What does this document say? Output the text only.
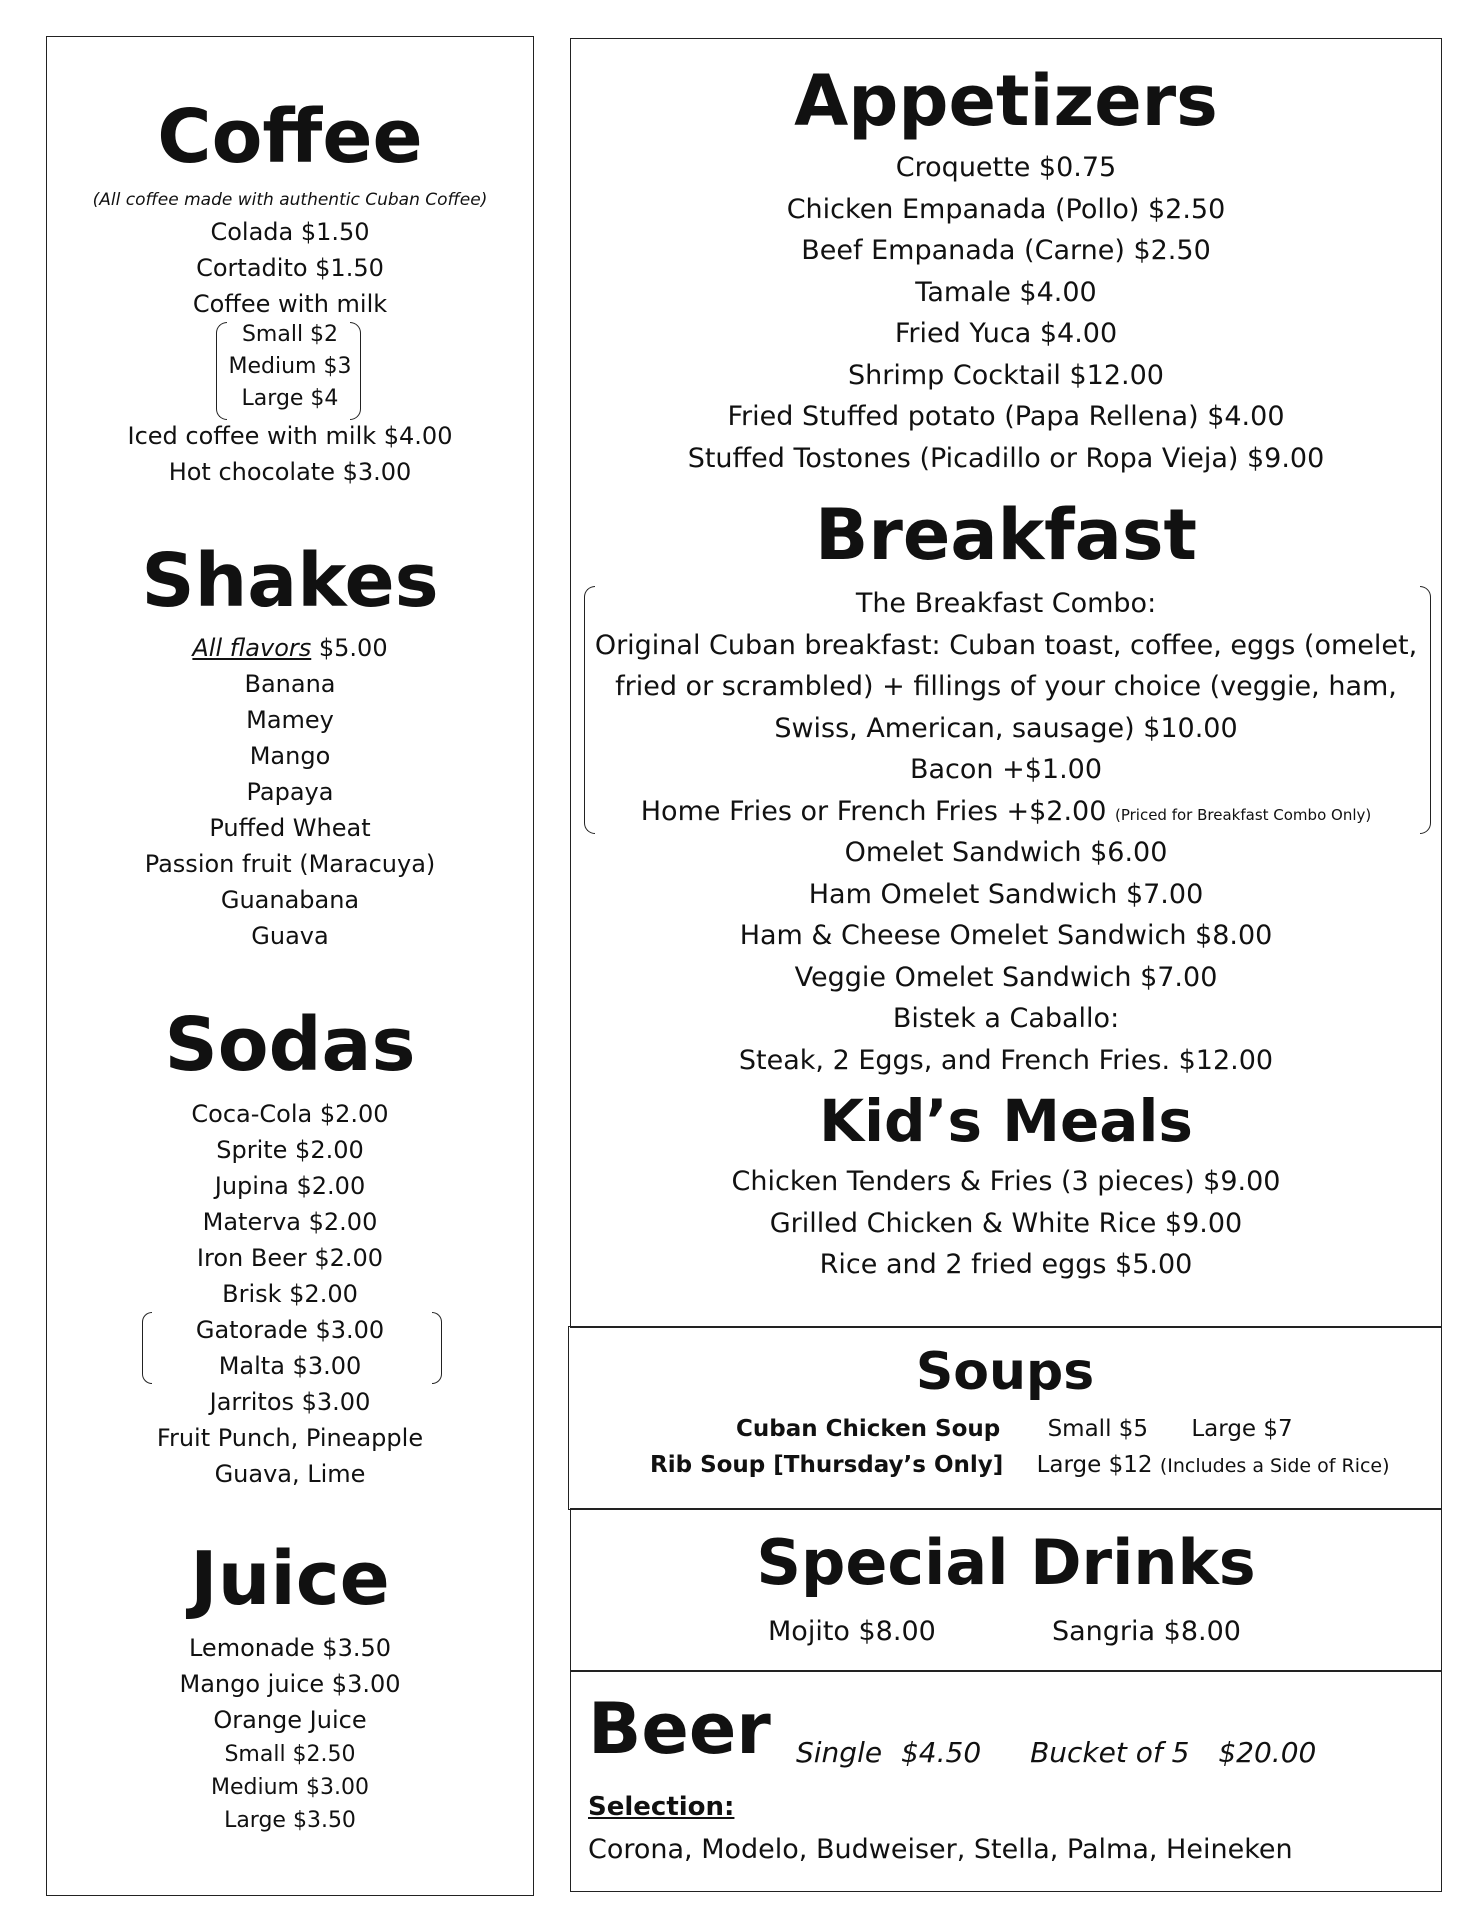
Coffee
(All coffee made with authentic Cuban Coffee)
Colada $1.50
Cortadito $1.50
Coffee with milk
Small $2
Medium $3
Large $4
Iced coffee with milk $4.00
Hot chocolate $3.00
Shakes
All flavors $5.00
Banana
Mamey
Mango
Papaya
Puffed Wheat
Passion fruit (Maracuya)
Guanabana
Guava
Sodas
Coca-Cola $2.00
Sprite $2.00
Jupina $2.00
Materva $2.00
Iron Beer $2.00
Brisk $2.00
Gatorade $3.00
Malta $3.00
Jarritos $3.00
Fruit Punch, Pineapple
Guava, Lime
Juice
Lemonade $3.50
Mango juice $3.00
Orange Juice
Small $2.50
Medium $3.00
Large $3.50
Appetizers
Croquette $0.75
Chicken Empanada (Pollo) $2.50
Beef Empanada (Carne) $2.50
Tamale $4.00
Fried Yuca $4.00
Shrimp Cocktail $12.00
Fried Stuffed potato (Papa Rellena) $4.00
Stuffed Tostones (Picadillo or Ropa Vieja) $9.00
Breakfast
The Breakfast Combo:
Original Cuban breakfast: Cuban toast, coffee, eggs (omelet,
fried or scrambled) + fillings of your choice (veggie, ham,
Swiss, American, sausage) $10.00
Bacon +$1.00
Home Fries or French Fries +$2.00 (Priced for Breakfast Combo Only)
Omelet Sandwich $6.00
Ham Omelet Sandwich $7.00
Ham & Cheese Omelet Sandwich $8.00
Veggie Omelet Sandwich $7.00
Bistek a Caballo:
Steak, 2 Eggs, and French Fries. $12.00
Kid’s Meals
Chicken Tenders & Fries (3 pieces) $9.00
Grilled Chicken & White Rice $9.00
Rice and 2 fried eggs $5.00
Soups
Cuban Chicken Soup Small $5 Large $7
Rib Soup [Thursday’s Only] Large $12 (Includes a Side of Rice)
Special Drinks
Mojito $8.00	Sangria $8.00
Beer Single $4.50 Bucket of 5 $20.00
Selection:
Corona, Modelo, Budweiser, Stella, Palma, Heineken
